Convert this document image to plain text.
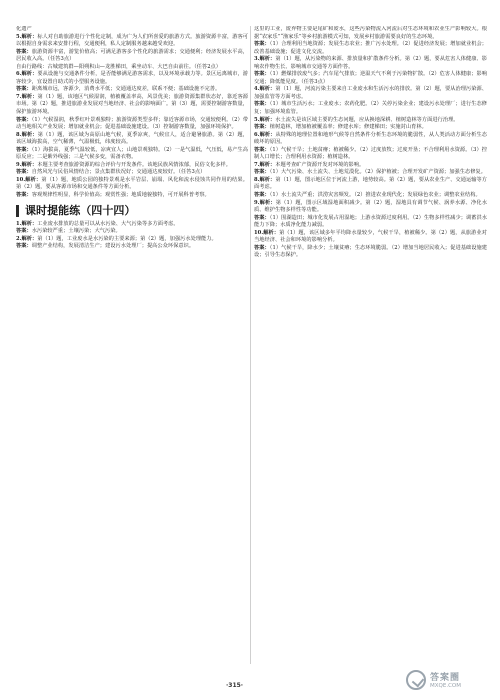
化遗产

5.解析：标人对自助旅游进行个性化定制，成为广为人们所喜爱的旅游方式。旅游资源丰富，游客可以根据自身需求来安排行程，交通便利，私人定制服务越来越受欢迎。

答案：旅游资源丰富，游览价值高；可满足游客多个性化的旅游需求；交通便利；经济发展水平高，居民收入高。（任答3点）

自由行路线：古城建筑群—阳朔积山—龙胜梯田，乘坐动车、大巴自由前往。（任答2点）

6.解析：要从设施与交通条件分析，是否能够满足游客需求，以及环境承载力等。景区远离城市，游客较少，宜设置自助式的小型服务设施。

答案：距离城市远，客源少，消费水平低；交通通达度差，联系不便；基础设施不完善。

7.解析：第（1）题，该地区气候湿润，植被覆盖率高，风景优美；旅游资源集群状态好，靠近客源市场。第（2）题，推进旅游业发展对当地经济、社会的影响面广。第（3）题，需要控制游客数量，保护旅游环境。

答案：（1）气候湿润，秋季红叶景观独特；旅游资源类型多样；靠近客源市场，交通较便利。（2）带动当地相关产业发展；增加就业机会；促进基础设施建设。（3）控制游客数量，加强环境保护。

8.解析：第（1）题，该区域为高原山地气候，夏季凉爽，气候宜人，适合避暑旅游。第（2）题，该区域海拔高，空气稀薄，气温极低，纬度较高。

答案：（1）海拔高，夏季气温较低，凉爽宜人；山地景观独特。（2）一是气温低，气压低，易产生高原反应；二是紫外线强；三是气候多变，需备衣物。

9.解析：本题主要考查旅游资源的综合评价与开发条件。该地民族风情浓郁，民俗文化多样。

答案：自然风光与民俗风情结合；景点集群状况好；交通通达度较好。（任答3点）

10.解析：第（1）题，地质公园的独特景观是水平岩层、崩塌、风化和流水侵蚀共同作用的结果。第（2）题，要从客源市场和交通条件等方面分析。

答案：客观规律性明显，科学价值高；观赏性强；地质地貌独特，可开展科普考察。

课时提能练（四十四）

1.解析：工业废水排放的总量可以从水污染、大气污染等多方面考虑。

答案：水污染较严重；土壤污染；大气污染。

2.解析：第（1）题，工业废水是水污染的主要来源；第（2）题，加强污水处理能力。

答案：调整产业结构，发展清洁生产；建设污水处理厂；提高公众环保意识。

这里的工业，废弃物主要是尾矿和废水，这些污染物流入河流后对生态环境和农业生产影响较大。根据“农家乐”“渔家乐”等乡村旅游模式可知，发展乡村旅游需要良好的生态环境。

答案：（1）合理利用当地资源；发展生态农业；推广污水处理。（2）促进经济发展；增加就业机会；改善基础设施；促进文化交流。

3.解析：第（1）题，从污染物的来源、排放量和扩散条件分析。第（2）题，要从危害人体健康、影响农作物生长、影响城市交通等方面作答。

答案：（1）燃煤排放废气多；汽车尾气排放；逆温天气不利于污染物扩散。（2）危害人体健康；影响交通；降低能见度。（任答3点）

4.解析：第（1）题，河流污染主要来自工业废水和生活污水的排放。第（2）题，要从治理污染源、加强监管等方面考虑。

答案：（1）城市生活污水；工业废水；农药化肥。（2）关停污染企业；建设污水处理厂；进行生态修复；加强环境监管。

5.解析：水土流失是该区域主要的生态问题，应从换地深耕、植树造林等方面进行治理。

答案：植树造林，增加植被覆盖率；修建水库；修建梯田；实施封山育林。

6.解析：从特殊的地理位置和地形气候等自然条件分析生态环境的脆弱性，从人类活动方面分析生态破坏的原因。

答案：（1）气候干旱；土地贫瘠；植被稀少。（2）过度放牧；过度开垦；不合理利用水资源。（3）控制人口增长；合理利用水资源；植树造林。

7.解析：本题考查矿产资源开发对环境的影响。

答案：（1）大气污染、水土流失、土地荒漠化。（2）保护植被；合理开发矿产资源；加强生态修复。

8.解析：第（1）题，图示地区位于河流上游，地势较高。第（2）题，要从农业生产、交通运输等方面考虑。

答案：（1）水土流失严重；洪涝灾害频发。（2）推进农业现代化；发展绿色农业；调整农业结构。

9.解析：第（1）题，图示区域湿地面积减少。第（2）题，湿地具有调节气候、涡养水源、净化水质、维护生物多样性等功能。

答案：（1）围湖造田；城市化发展占用湿地；上游水资源过度利用。（2）生物多样性减少；调蓄洪水能力下降；水质净化能力减弱。

10.解析：第（1）题，该区域多年平均降水量较少，气候干旱，植被稀少。第（2）题，从旅游业对当地经济、社会和环境的影响分析。

答案：（1）气候干旱，降水少；土壤贫瘠；生态环境脆弱。（2）增加当地居民收入；促进基础设施建设；引导生态保护。

·315·
答案圈
MXQE.COM
